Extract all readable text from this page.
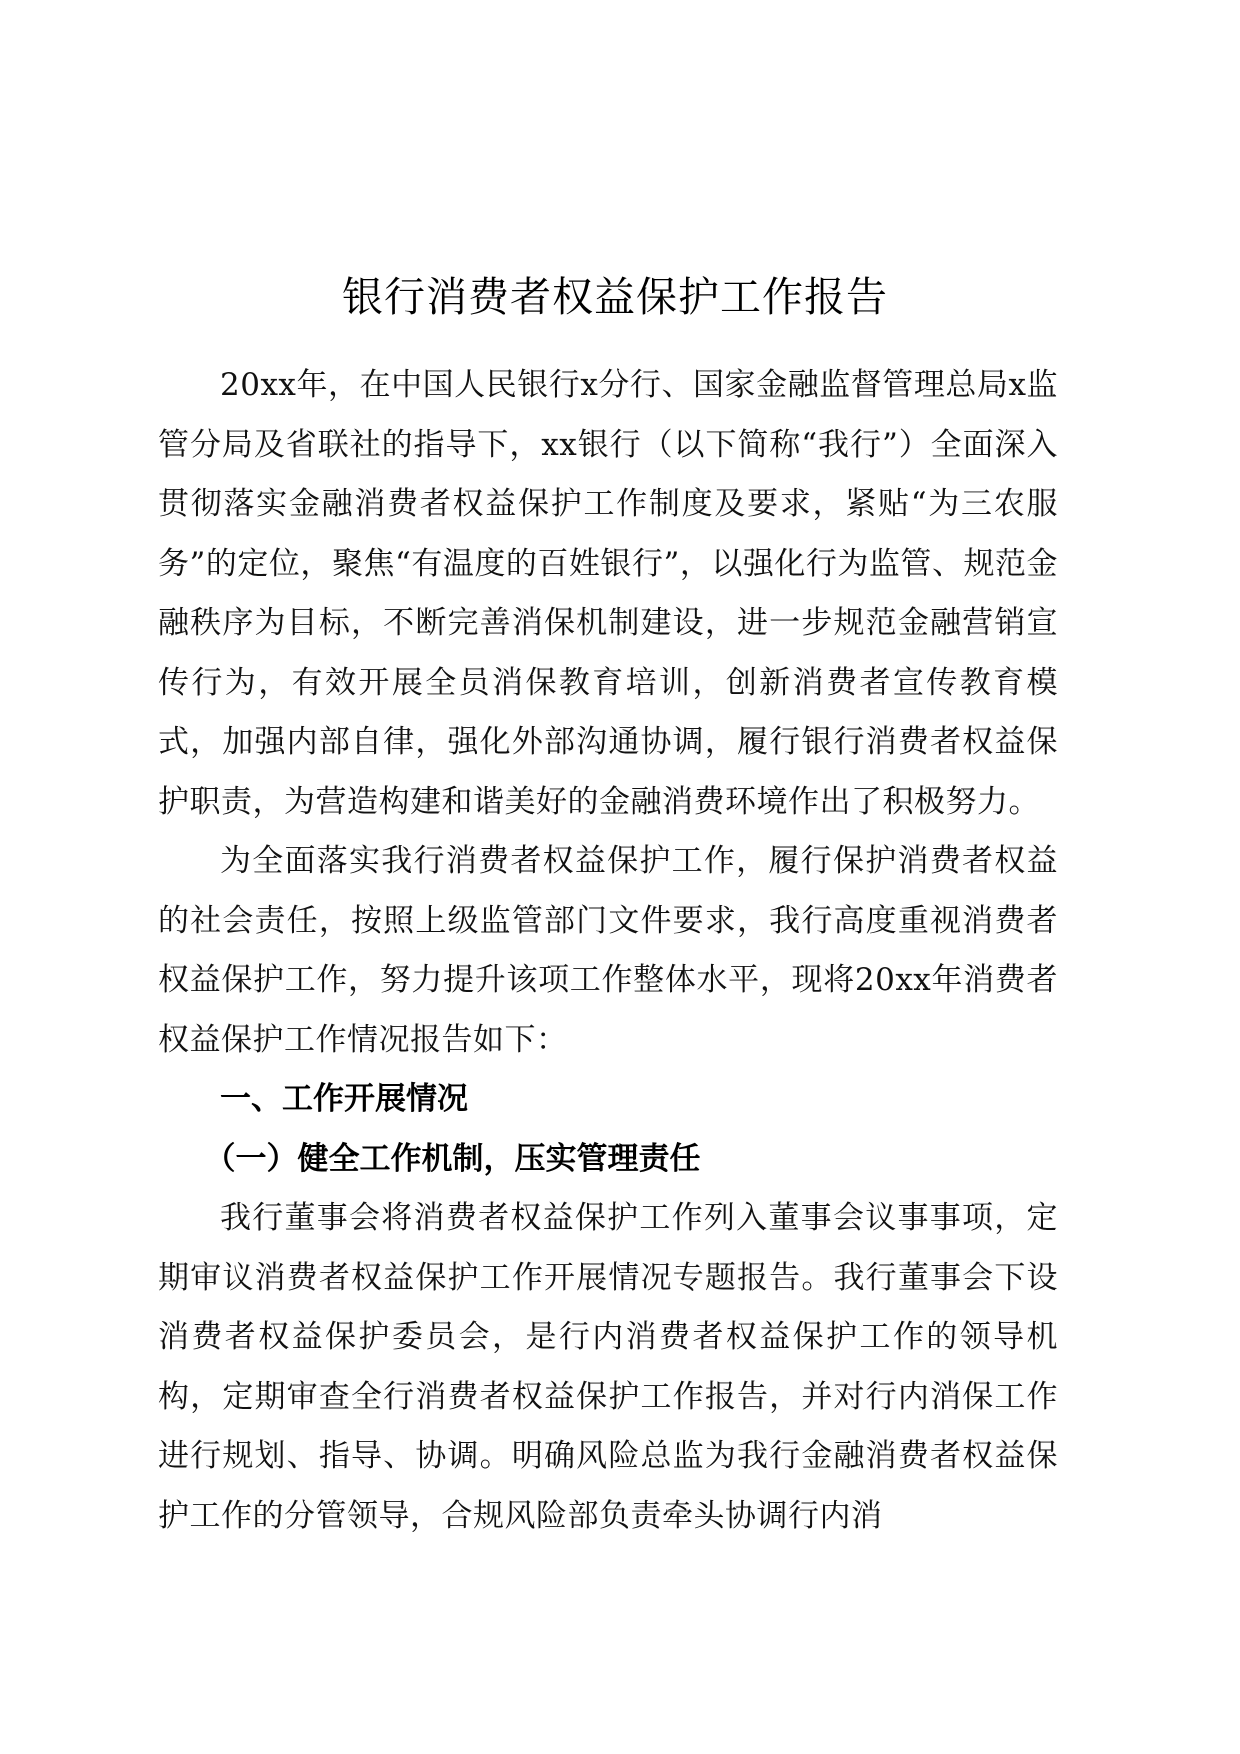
银行消费者权益保护工作报告

20xx年，在中国人民银行x分行、国家金融监督管理总局x监管分局及省联社的指导下，xx银行（以下简称“我行”）全面深入贯彻落实金融消费者权益保护工作制度及要求，紧贴“为三农服务”的定位，聚焦“有温度的百姓银行”，以强化行为监管、规范金融秩序为目标，不断完善消保机制建设，进一步规范金融营销宣传行为，有效开展全员消保教育培训，创新消费者宣传教育模式，加强内部自律，强化外部沟通协调，履行银行消费者权益保护职责，为营造构建和谐美好的金融消费环境作出了积极努力。

为全面落实我行消费者权益保护工作，履行保护消费者权益的社会责任，按照上级监管部门文件要求，我行高度重视消费者权益保护工作，努力提升该项工作整体水平，现将20xx年消费者权益保护工作情况报告如下：

一、工作开展情况

（一）健全工作机制，压实管理责任

我行董事会将消费者权益保护工作列入董事会议事事项，定期审议消费者权益保护工作开展情况专题报告。我行董事会下设消费者权益保护委员会，是行内消费者权益保护工作的领导机构，定期审查全行消费者权益保护工作报告，并对行内消保工作进行规划、指导、协调。明确风险总监为我行金融消费者权益保护工作的分管领导，合规风险部负责牵头协调行内消
